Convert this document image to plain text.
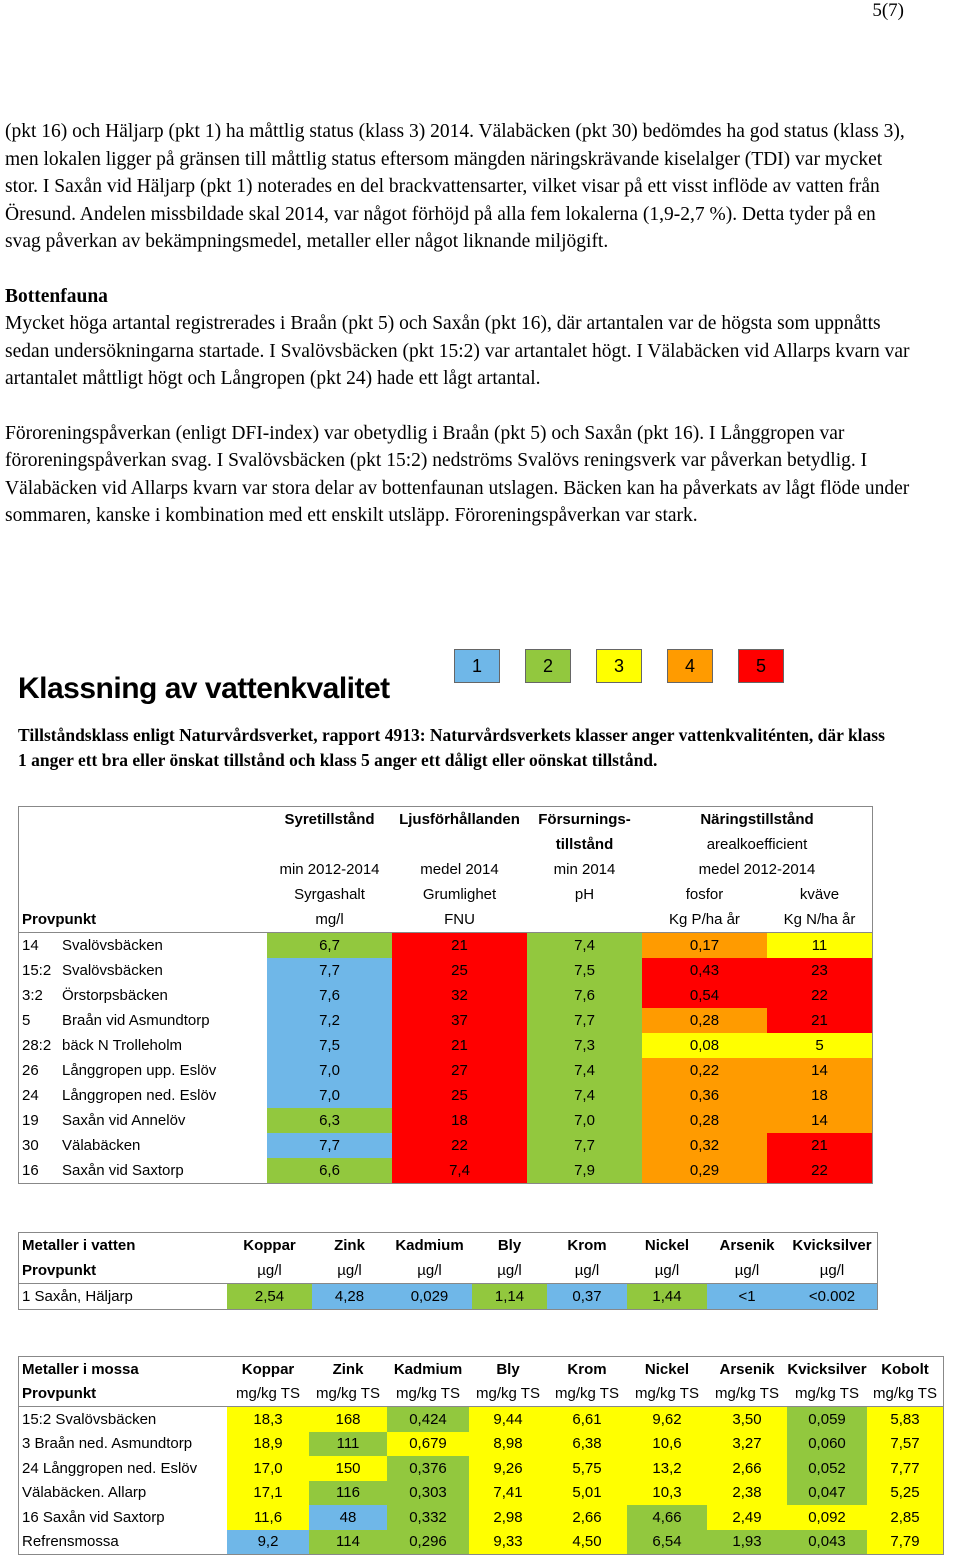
5(7)

(pkt 16) och Häljarp (pkt 1) ha måttlig status (klass 3) 2014. Välabäcken (pkt 30) bedömdes ha god status (klass 3), men lokalen ligger på gränsen till måttlig status eftersom mängden näringskrävande kiselalger (TDI) var mycket stor. I Saxån vid Häljarp (pkt 1) noterades en del brackvattensarter, vilket visar på ett visst inflöde av vatten från Öresund. Andelen missbildade skal 2014, var något förhöjd på alla fem lokalerna (1,9-2,7 %). Detta tyder på en svag påverkan av bekämpningsmedel, metaller eller något liknande miljögift.

Bottenfauna

Mycket höga artantal registrerades i Braån (pkt 5) och Saxån (pkt 16), där artantalen var de högsta som uppnåtts sedan undersökningarna startade. I Svalövsbäcken (pkt 15:2) var artantalet högt. I Välabäcken vid Allarps kvarn var artantalet måttligt högt och Långropen (pkt 24) hade ett lågt artantal.

Föroreningspåverkan (enligt DFI-index) var obetydlig i Braån (pkt 5) och Saxån (pkt 16). I Långgropen var föroreningspåverkan svag. I Svalövsbäcken (pkt 15:2) nedströms Svalövs reningsverk var påverkan betydlig. I Välabäcken vid Allarps kvarn var stora delar av bottenfaunan utslagen. Bäcken kan ha påverkats av lågt flöde under sommaren, kanske i kombination med ett enskilt utsläpp. Föroreningspåverkan var stark.

1	2	3	4	5
Klassning av vattenkvalitet
Tillståndsklass enligt Naturvårdsverket, rapport 4913: Naturvårdsverkets klasser anger vattenkvaliténten, där klass 1 anger ett bra eller önskat tillstånd och klass 5 anger ett dåligt eller oönskat tillstånd.
		Syretillstånd	Ljusförhållanden	Försurnings-	Näringstillstånd	
				tillstånd	arealkoefficient	
		min 2012-2014	medel 2014	min 2014	medel 2012-2014	
		Syrgashalt	Grumlighet	pH	fosfor	kväve
Provpunkt		mg/l	FNU		Kg P/ha år	Kg N/ha år
14	Svalövsbäcken	6,7	21	7,4	0,17	11
15:2	Svalövsbäcken	7,7	25	7,5	0,43	23
3:2	Örstorpsbäcken	7,6	32	7,6	0,54	22
5	Braån vid Asmundtorp	7,2	37	7,7	0,28	21
28:2	bäck N Trolleholm	7,5	21	7,3	0,08	5
26	Långgropen upp. Eslöv	7,0	27	7,4	0,22	14
24	Långgropen ned. Eslöv	7,0	25	7,4	0,36	18
19	Saxån vid Annelöv	6,3	18	7,0	0,28	14
30	Välabäcken	7,7	22	7,7	0,32	21
16	Saxån vid Saxtorp	6,6	7,4	7,9	0,29	22
Metaller i vatten	Koppar	Zink	Kadmium	Bly	Krom	Nickel	Arsenik	Kvicksilver
Provpunkt	µg/l	µg/l	µg/l	µg/l	µg/l	µg/l	µg/l	µg/l
1 Saxån, Häljarp	2,54	4,28	0,029	1,14	0,37	1,44	<1	<0.002
Metaller i mossa	Koppar	Zink	Kadmium	Bly	Krom	Nickel	Arsenik	Kvicksilver	Kobolt
Provpunkt	mg/kg TS	mg/kg TS	mg/kg TS	mg/kg TS	mg/kg TS	mg/kg TS	mg/kg TS	mg/kg TS	mg/kg TS
15:2 Svalövsbäcken	18,3	168	0,424	9,44	6,61	9,62	3,50	0,059	5,83
3 Braån ned. Asmundtorp	18,9	111	0,679	8,98	6,38	10,6	3,27	0,060	7,57
24 Långgropen ned. Eslöv	17,0	150	0,376	9,26	5,75	13,2	2,66	0,052	7,77
Välabäcken. Allarp	17,1	116	0,303	7,41	5,01	10,3	2,38	0,047	5,25
16 Saxån vid Saxtorp	11,6	48	0,332	2,98	2,66	4,66	2,49	0,092	2,85
Refrensmossa	9,2	114	0,296	9,33	4,50	6,54	1,93	0,043	7,79
